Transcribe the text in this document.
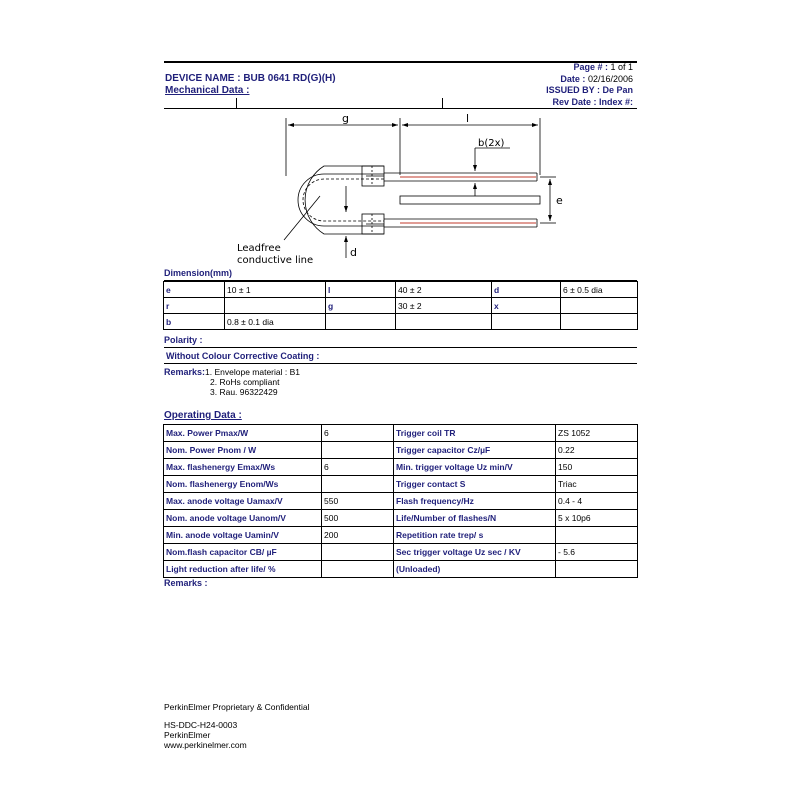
DEVICE NAME : BUB 0641 RD(G)(H)
Mechanical Data :
Page # : 1 of 1
Date : 02/16/2006
ISSUED BY : De Pan
Rev Date : Index #:
g	l
b(2x)
e
d
Leadfree
conductive line
Dimension(mm)
e	10 ± 1	l	40 ± 2	d	6 ± 0.5 dia
r		g	30 ± 2	x	
b	0.8 ± 0.1 dia				
Polarity :
Without Colour Corrective Coating :
Remarks:1. Envelope material : B1
2. RoHs compliant
3. Rau. 96322429
Operating Data :
Max. Power Pmax/W	6	Trigger coil TR	ZS 1052
Nom. Power Pnom / W		Trigger capacitor Cz/µF	0.22
Max. flashenergy Emax/Ws	6	Min. trigger voltage Uz min/V	150
Nom. flashenergy Enom/Ws		Trigger contact S	Triac
Max. anode voltage Uamax/V	550	Flash frequency/Hz	0.4 - 4
Nom. anode voltage Uanom/V	500	Life/Number of flashes/N	5 x 10p6
Min. anode voltage Uamin/V	200	Repetition rate trep/ s	
Nom.flash capacitor CB/ µF		Sec trigger voltage Uz sec / KV	- 5.6
Light reduction after life/ %		(Unloaded)	
Remarks :
PerkinElmer Proprietary & Confidential
HS-DDC-H24-0003
PerkinElmer
www.perkinelmer.com
